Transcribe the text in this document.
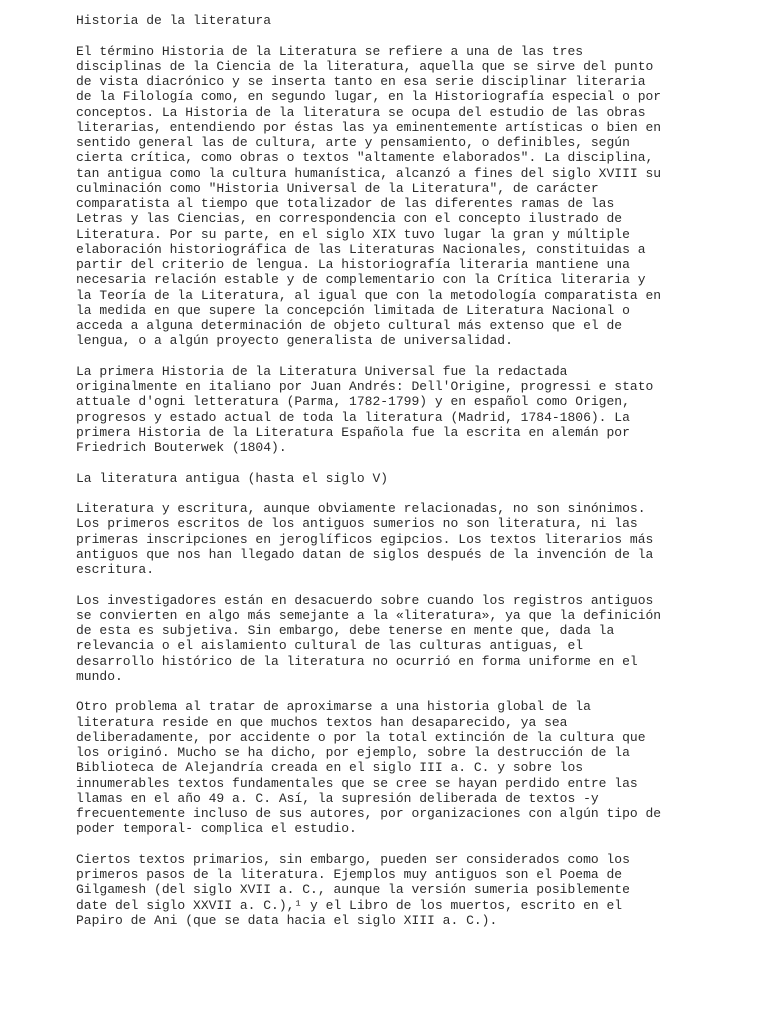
Historia de la literatura
El término Historia de la Literatura se refiere a una de las tres
disciplinas de la Ciencia de la literatura, aquella que se sirve del punto
de vista diacrónico y se inserta tanto en esa serie disciplinar literaria
de la Filología como, en segundo lugar, en la Historiografía especial o por
conceptos. La Historia de la literatura se ocupa del estudio de las obras
literarias, entendiendo por éstas las ya eminentemente artísticas o bien en
sentido general las de cultura, arte y pensamiento, o definibles, según
cierta crítica, como obras o textos "altamente elaborados". La disciplina,
tan antigua como la cultura humanística, alcanzó a fines del siglo XVIII su
culminación como "Historia Universal de la Literatura", de carácter
comparatista al tiempo que totalizador de las diferentes ramas de las
Letras y las Ciencias, en correspondencia con el concepto ilustrado de
Literatura. Por su parte, en el siglo XIX tuvo lugar la gran y múltiple
elaboración historiográfica de las Literaturas Nacionales, constituidas a
partir del criterio de lengua. La historiografía literaria mantiene una
necesaria relación estable y de complementario con la Crítica literaria y
la Teoría de la Literatura, al igual que con la metodología comparatista en
la medida en que supere la concepción limitada de Literatura Nacional o
acceda a alguna determinación de objeto cultural más extenso que el de
lengua, o a algún proyecto generalista de universalidad.
La primera Historia de la Literatura Universal fue la redactada
originalmente en italiano por Juan Andrés: Dell'Origine, progressi e stato
attuale d'ogni letteratura (Parma, 1782-1799) y en español como Origen,
progresos y estado actual de toda la literatura (Madrid, 1784-1806). La
primera Historia de la Literatura Española fue la escrita en alemán por
Friedrich Bouterwek (1804).
La literatura antigua (hasta el siglo V)
Literatura y escritura, aunque obviamente relacionadas, no son sinónimos.
Los primeros escritos de los antiguos sumerios no son literatura, ni las
primeras inscripciones en jeroglíficos egipcios. Los textos literarios más
antiguos que nos han llegado datan de siglos después de la invención de la
escritura.
Los investigadores están en desacuerdo sobre cuando los registros antiguos
se convierten en algo más semejante a la «literatura», ya que la definición
de esta es subjetiva. Sin embargo, debe tenerse en mente que, dada la
relevancia o el aislamiento cultural de las culturas antiguas, el
desarrollo histórico de la literatura no ocurrió en forma uniforme en el
mundo.
Otro problema al tratar de aproximarse a una historia global de la
literatura reside en que muchos textos han desaparecido, ya sea
deliberadamente, por accidente o por la total extinción de la cultura que
los originó. Mucho se ha dicho, por ejemplo, sobre la destrucción de la
Biblioteca de Alejandría creada en el siglo III a. C. y sobre los
innumerables textos fundamentales que se cree se hayan perdido entre las
llamas en el año 49 a. C. Así, la supresión deliberada de textos -y
frecuentemente incluso de sus autores, por organizaciones con algún tipo de
poder temporal- complica el estudio.
Ciertos textos primarios, sin embargo, pueden ser considerados como los
primeros pasos de la literatura. Ejemplos muy antiguos son el Poema de
Gilgamesh (del siglo XVII a. C., aunque la versión sumeria posiblemente
date del siglo XXVII a. C.),¹ y el Libro de los muertos, escrito en el
Papiro de Ani (que se data hacia el siglo XIII a. C.).
